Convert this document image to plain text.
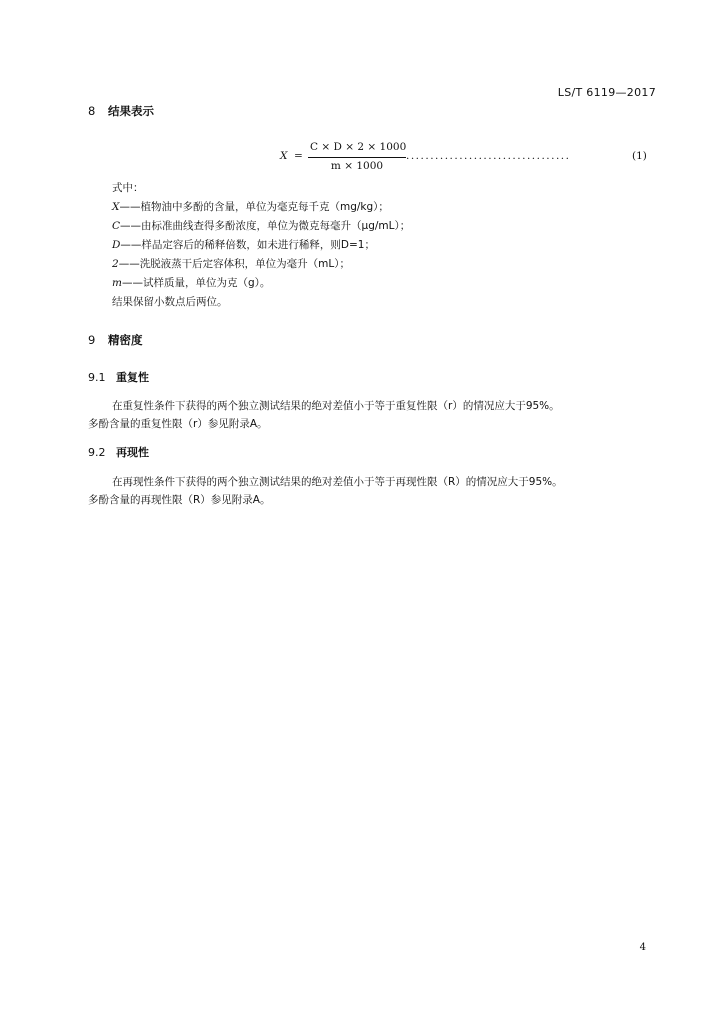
LS/T 6119—2017
8 结果表示
X =
C × D × 2 × 1000
m × 1000
..................................	(1)
式中：
X——植物油中多酚的含量，单位为毫克每千克（mg/kg）；
C——由标准曲线查得多酚浓度，单位为微克每毫升（μg/mL）；
D——样品定容后的稀释倍数，如未进行稀释，则D=1；
2——洗脱液蒸干后定容体积，单位为毫升（mL）；
m——试样质量，单位为克（g）。
结果保留小数点后两位。
9 精密度
9.1 重复性
在重复性条件下获得的两个独立测试结果的绝对差值小于等于重复性限（r）的情况应大于95%。
多酚含量的重复性限（r）参见附录A。
9.2 再现性
在再现性条件下获得的两个独立测试结果的绝对差值小于等于再现性限（R）的情况应大于95%。
多酚含量的再现性限（R）参见附录A。
4
